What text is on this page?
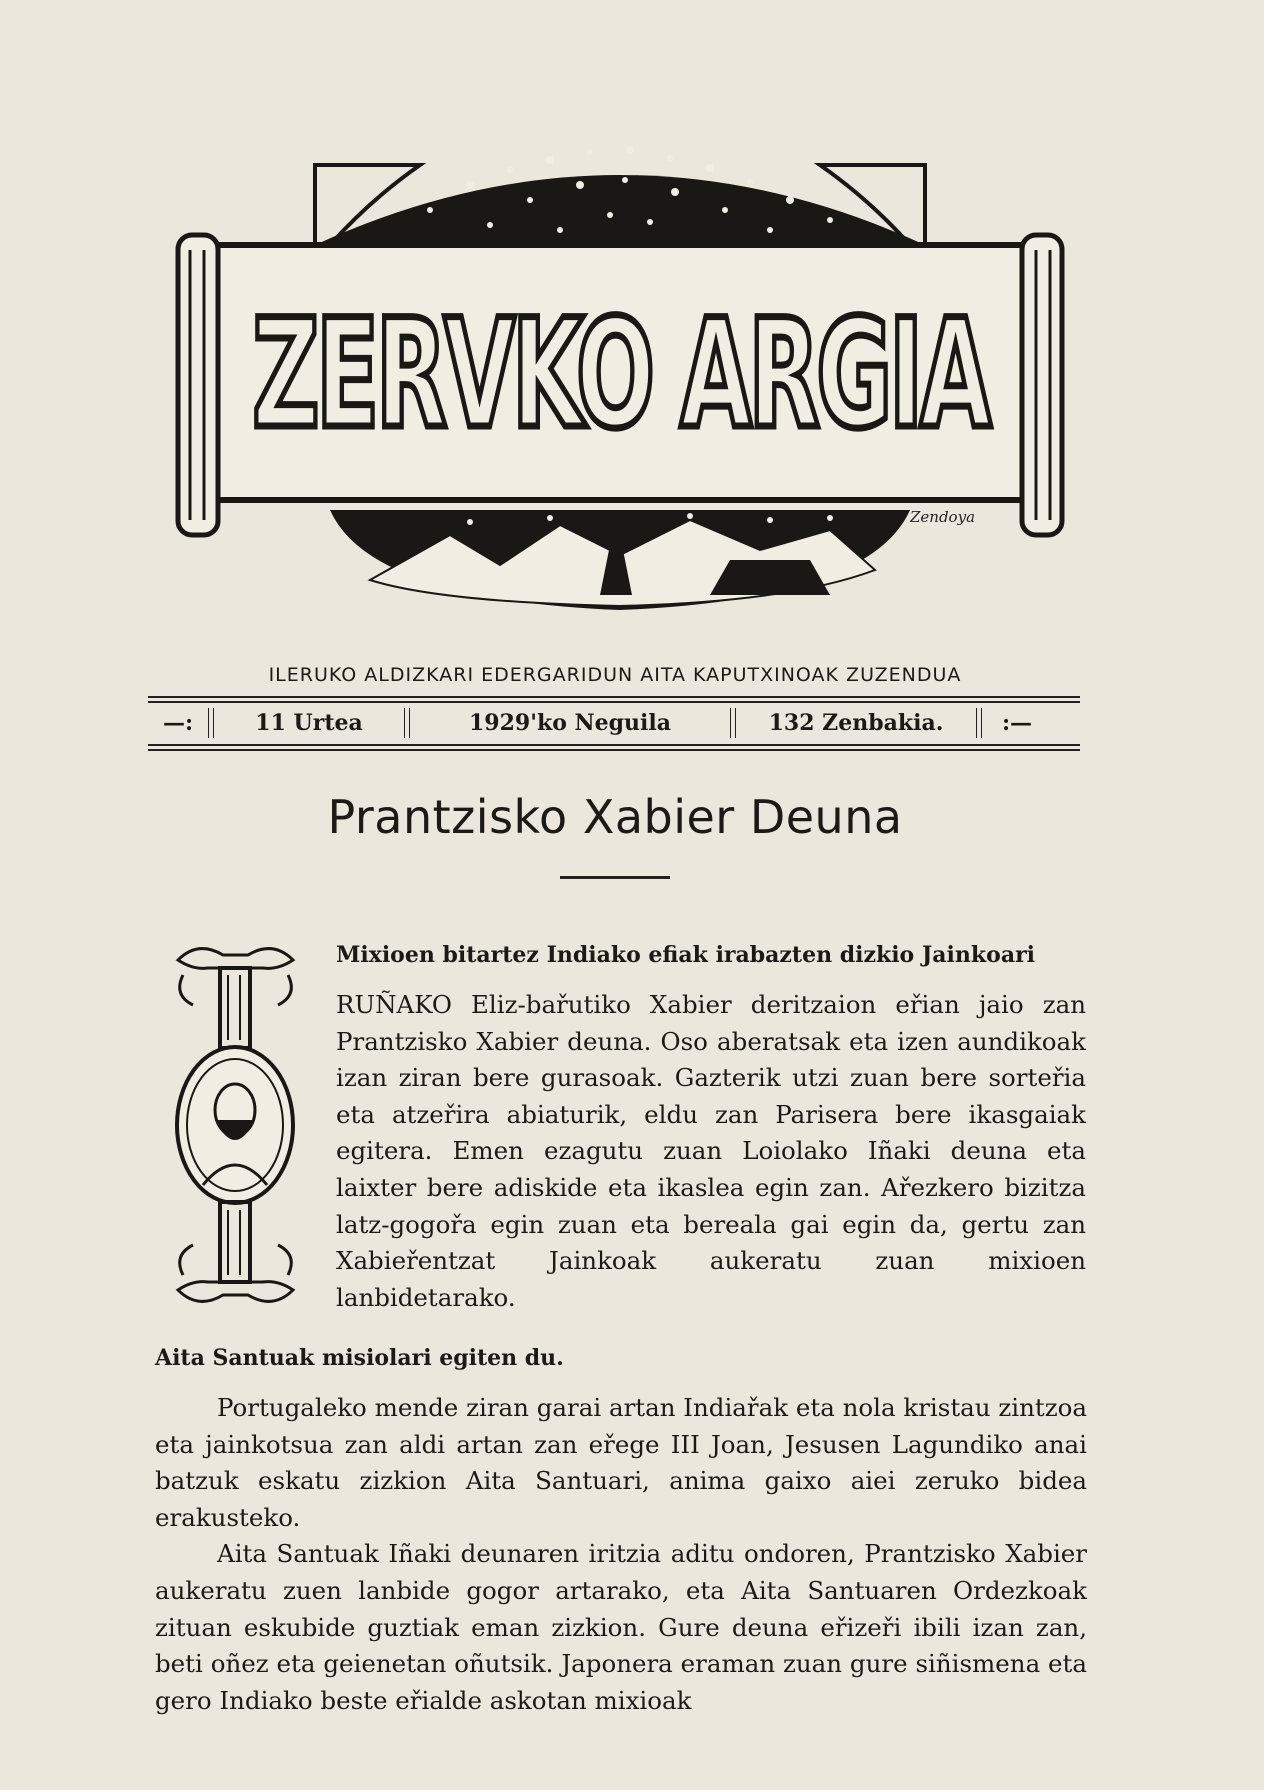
ZERVKO ARGIA
Zendoya
ILERUKO ALDIZKARI EDERGARIDUN AITA KAPUTXINOAK ZUZENDUA
—:	11 Urtea	1929'ko Neguila	132 Zenbakia.	:—
Prantzisko Xabier Deuna
Mixioen bitartez Indiako efiak irabazten dizkio Jainkoari

RUÑAKO Eliz-bařutiko Xabier deritzaion eřian jaio zan Prantzisko Xabier deuna. Oso aberatsak eta izen aundikoak izan ziran bere gurasoak. Gazterik utzi zuan bere sorteřia eta atzeřira abiaturik, eldu zan Parisera bere ikasgaiak egitera. Emen ezagutu zuan Loiolako Iñaki deuna eta laixter bere adiskide eta ikaslea egin zan. Ařezkero bizitza latz-gogořa egin zuan eta bereala gai egin da, gertu zan Xabieřentzat Jainkoak aukeratu zuan mixioen lanbidetarako.

Aita Santuak misiolari egiten du.

Portugaleko mende ziran garai artan Indiařak eta nola kristau zintzoa eta jainkotsua zan aldi artan zan eřege III Joan, Jesusen Lagundiko anai batzuk eskatu zizkion Aita Santuari, anima gaixo aiei zeruko bidea erakusteko.

Aita Santuak Iñaki deunaren iritzia aditu ondoren, Prantzisko Xabier aukeratu zuen lanbide gogor artarako, eta Aita Santuaren Ordezkoak zituan eskubide guztiak eman zizkion. Gure deuna eřizeři ibili izan zan, beti oñez eta geienetan oñutsik. Japonera eraman zuan gure siñismena eta gero Indiako beste eřialde askotan mixioak
